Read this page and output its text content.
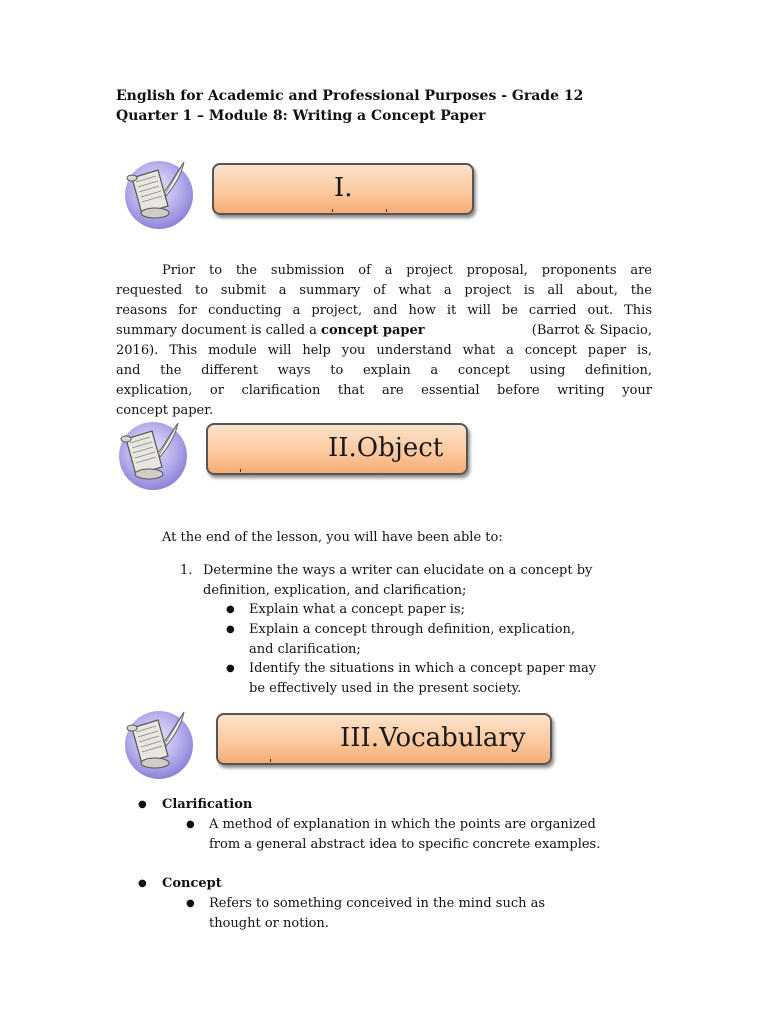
English for Academic and Professional Purposes - Grade 12
Quarter 1 – Module 8: Writing a Concept Paper
I.
Prior to the submission of a project proposal, proponents are
requested to submit a summary of what a project is all about, the
reasons for conducting a project, and how it will be carried out. This
summary document is called a concept paper	(Barrot & Sipacio,
2016). This module will help you understand what a concept paper is,
and the different ways to explain a concept using definition,
explication, or clarification that are essential before writing your
concept paper.
II.Object
At the end of the lesson, you will have been able to:
1. Determine the ways a writer can elucidate on a concept by
definition, explication, and clarification;
● Explain what a concept paper is;
● Explain a concept through definition, explication,
and clarification;
● Identify the situations in which a concept paper may
be effectively used in the present society.
III.Vocabulary
● Clarification
● A method of explanation in which the points are organized
from a general abstract idea to specific concrete examples.
● Concept
● Refers to something conceived in the mind such as
thought or notion.
